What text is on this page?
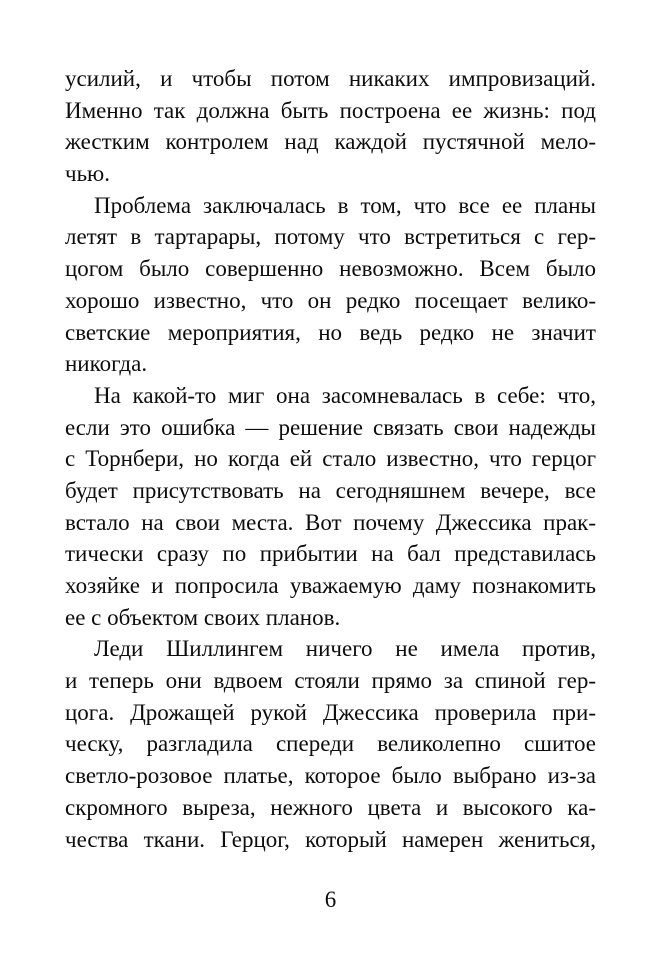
усилий, и чтобы потом никаких импровизаций.
Именно так должна быть построена ее жизнь: под
жестким контролем над каждой пустячной мело-
чью.
Проблема заключалась в том, что все ее планы
летят в тартарары, потому что встретиться с гер-
цогом было совершенно невозможно. Всем было
хорошо известно, что он редко посещает велико-
светские мероприятия, но ведь редко не значит
никогда.
На какой-то миг она засомневалась в себе: что,
если это ошибка — решение связать свои надежды
с Торнбери, но когда ей стало известно, что герцог
будет присутствовать на сегодняшнем вечере, все
встало на свои места. Вот почему Джессика прак-
тически сразу по прибытии на бал представилась
хозяйке и попросила уважаемую даму познакомить
ее с объектом своих планов.
Леди Шиллингем ничего не имела против,
и теперь они вдвоем стояли прямо за спиной гер-
цога. Дрожащей рукой Джессика проверила при-
ческу, разгладила спереди великолепно сшитое
светло-розовое платье, которое было выбрано из-за
скромного выреза, нежного цвета и высокого ка-
чества ткани. Герцог, который намерен жениться,
6
